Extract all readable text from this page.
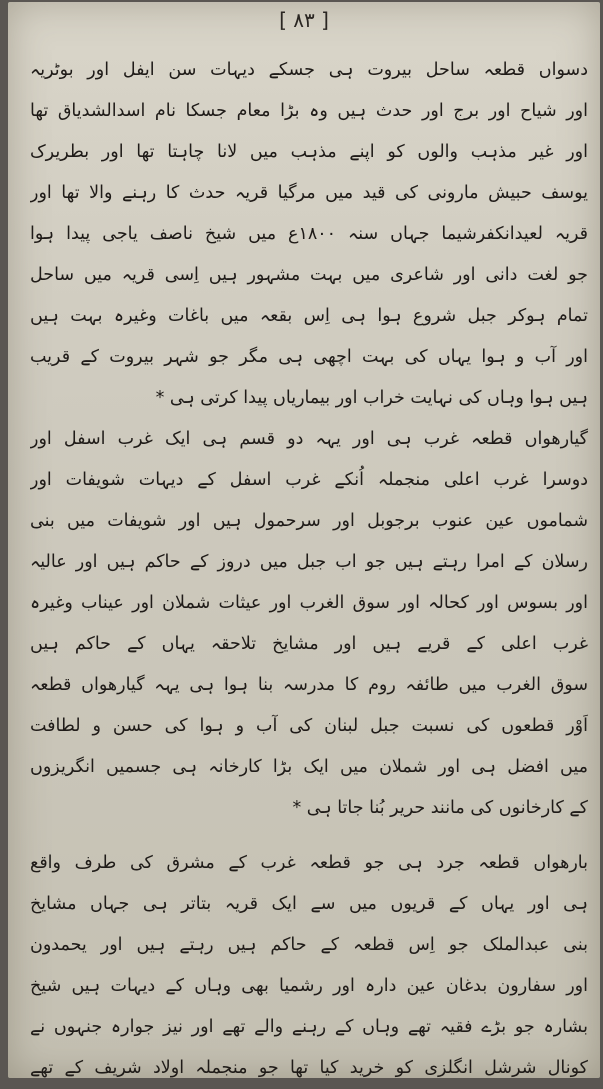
[ ۸۳ ]
دسواں قطعہ ساحل بیروت ہی جسکے دیہات سن ایفل اور بوٹریہ
اور شیاح اور برج اور حدث ہیں وہ بڑا معام جسکا نام اسدالشدیاق تھا
اور غیر مذہب والوں کو اپنے مذہب میں لانا چاہتا تھا اور بطریرک
یوسف حبیش مارونی کی قید میں مرگیا قریہ حدث کا رہنے والا تھا اور
قریہ لعیدانکفرشیما جہاں سنہ ۱۸۰۰ع میں شیخ ناصف یاجی پیدا ہوا
جو لغت دانی اور شاعری میں بہت مشہور ہیں اِسی قریہ میں ساحل
تمام ہوکر جبل شروع ہوا ہی اِس بقعہ میں باغات وغیرہ بہت ہیں
اور آب و ہوا یہاں کی بہت اچھی ہی مگر جو شہر بیروت کے قریب
ہیں ہوا وہاں کی نہایت خراب اور بیماریاں پیدا کرتی ہی *
گیارھواں قطعہ غرب ہی اور یہہ دو قسم ہی ایک غرب اسفل اور
دوسرا غرب اعلی منجملہ اُنکے غرب اسفل کے دیہات شویفات اور
شماموں عین عنوب برجوبل اور سرحمول ہیں اور شویفات میں بنی
رسلان کے امرا رہتے ہیں جو اب جبل میں دروز کے حاکم ہیں اور عالیہ
اور بسوس اور کحالہ اور سوق الغرب اور عیثات شملان اور عیناب وغیرہ
غرب اعلی کے قریے ہیں اور مشایخ تلاحقہ یہاں کے حاکم ہیں
سوق الغرب میں طائفہ روم کا مدرسہ بنا ہوا ہی یہہ گیارھواں قطعہ
اَوْر قطعوں کی نسبت جبل لبنان کی آب و ہوا کی حسن و لطافت
میں افضل ہی اور شملان میں ایک بڑا کارخانہ ہی جسمیں انگریزوں
کے کارخانوں کی مانند حریر بُنا جاتا ہی *
بارھواں قطعہ جرد ہی جو قطعہ غرب کے مشرق کی طرف واقع
ہی اور یہاں کے قریوں میں سے ایک قریہ بتاتر ہی جہاں مشایخ
بنی عبدالملک جو اِس قطعہ کے حاکم ہیں رہتے ہیں اور یحمدون
اور سفارون بدغان عین دارہ اور رشمیا بھی وہاں کے دیہات ہیں شیخ
بشارہ جو بڑے فقیہ تھے وہاں کے رہنے والے تھے اور نیز جوارہ جنہوں نے
کونال شرشل انگلزی کو خرید کیا تھا جو منجملہ اولاد شریف کے تھے
